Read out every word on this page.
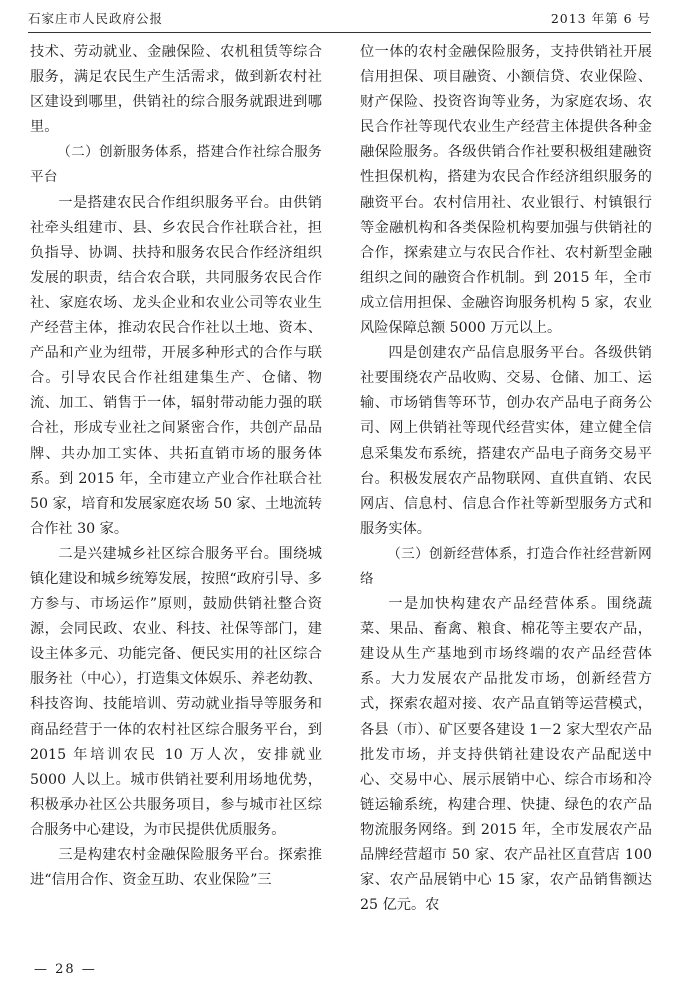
石家庄市人民政府公报	2013 年第 6 号

技术、劳动就业、金融保险、农机租赁等综合服务，满足农民生产生活需求，做到新农村社区建设到哪里，供销社的综合服务就跟进到哪里。

（二）创新服务体系，搭建合作社综合服务平台

一是搭建农民合作组织服务平台。由供销社牵头组建市、县、乡农民合作社联合社，担负指导、协调、扶持和服务农民合作经济组织发展的职责，结合农合联，共同服务农民合作社、家庭农场、龙头企业和农业公司等农业生产经营主体，推动农民合作社以土地、资本、产品和产业为纽带，开展多种形式的合作与联合。引导农民合作社组建集生产、仓储、物流、加工、销售于一体，辐射带动能力强的联合社，形成专业社之间紧密合作，共创产品品牌、共办加工实体、共拓直销市场的服务体系。到 2015 年，全市建立产业合作社联合社 50 家，培育和发展家庭农场 50 家、土地流转合作社 30 家。

二是兴建城乡社区综合服务平台。围绕城镇化建设和城乡统筹发展，按照“政府引导、多方参与、市场运作”原则，鼓励供销社整合资源，会同民政、农业、科技、社保等部门，建设主体多元、功能完备、便民实用的社区综合服务社（中心），打造集文体娱乐、养老幼教、科技咨询、技能培训、劳动就业指导等服务和商品经营于一体的农村社区综合服务平台，到 2015 年培训农民 10 万人次，安排就业 5000 人以上。城市供销社要利用场地优势，积极承办社区公共服务项目，参与城市社区综合服务中心建设，为市民提供优质服务。

三是构建农村金融保险服务平台。探索推进“信用合作、资金互助、农业保险”三

位一体的农村金融保险服务，支持供销社开展信用担保、项目融资、小额信贷、农业保险、财产保险、投资咨询等业务，为家庭农场、农民合作社等现代农业生产经营主体提供各种金融保险服务。各级供销合作社要积极组建融资性担保机构，搭建为农民合作经济组织服务的融资平台。农村信用社、农业银行、村镇银行等金融机构和各类保险机构要加强与供销社的合作，探索建立与农民合作社、农村新型金融组织之间的融资合作机制。到 2015 年，全市成立信用担保、金融咨询服务机构 5 家，农业风险保障总额 5000 万元以上。

四是创建农产品信息服务平台。各级供销社要围绕农产品收购、交易、仓储、加工、运输、市场销售等环节，创办农产品电子商务公司、网上供销社等现代经营实体，建立健全信息采集发布系统，搭建农产品电子商务交易平台。积极发展农产品物联网、直供直销、农民网店、信息村、信息合作社等新型服务方式和服务实体。

（三）创新经营体系，打造合作社经营新网络

一是加快构建农产品经营体系。围绕蔬菜、果品、畜禽、粮食、棉花等主要农产品，建设从生产基地到市场终端的农产品经营体系。大力发展农产品批发市场，创新经营方式，探索农超对接、农产品直销等运营模式，各县（市）、矿区要各建设 1－2 家大型农产品批发市场，并支持供销社建设农产品配送中心、交易中心、展示展销中心、综合市场和冷链运输系统，构建合理、快捷、绿色的农产品物流服务网络。到 2015 年，全市发展农产品品牌经营超市 50 家、农产品社区直营店 100 家、农产品展销中心 15 家，农产品销售额达 25 亿元。农

— 28 —
